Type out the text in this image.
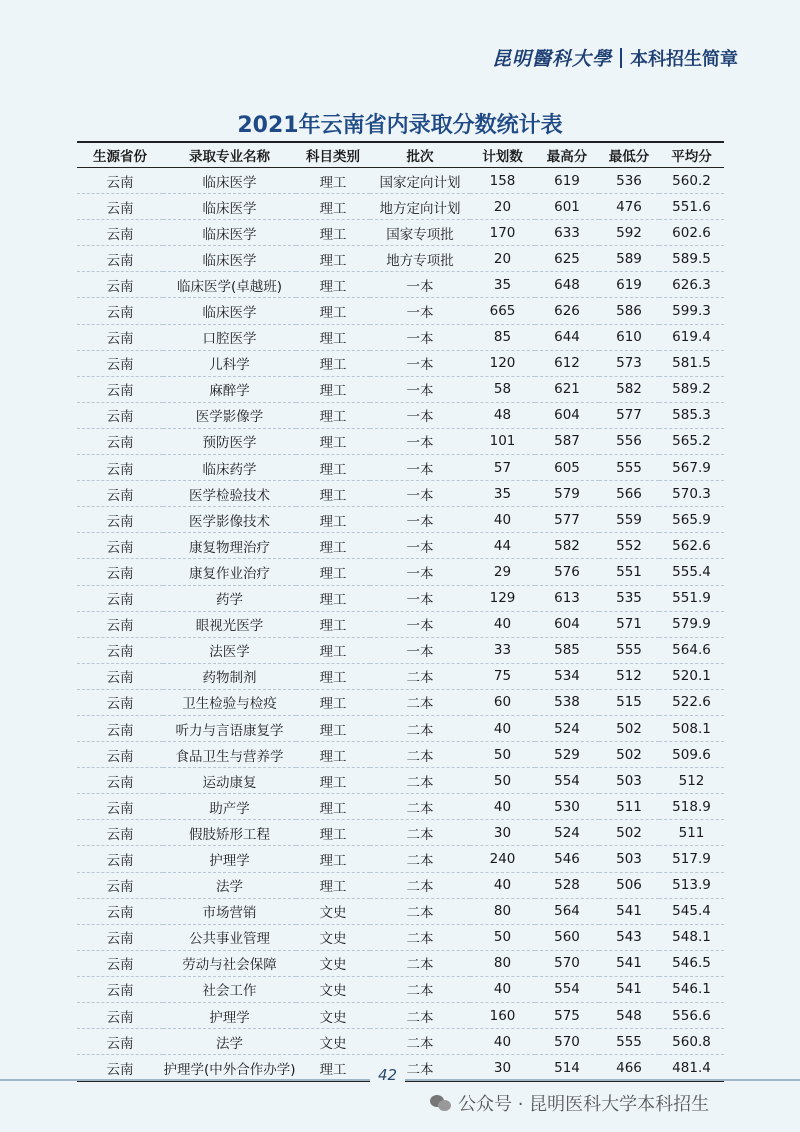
昆明醫科大學 本科招生简章
2021年云南省内录取分数统计表
生源省份	录取专业名称	科目类别	批次	计划数	最高分	最低分	平均分
云南	临床医学	理工	国家定向计划	158	619	536	560.2
云南	临床医学	理工	地方定向计划	20	601	476	551.6
云南	临床医学	理工	国家专项批	170	633	592	602.6
云南	临床医学	理工	地方专项批	20	625	589	589.5
云南	临床医学(卓越班)	理工	一本	35	648	619	626.3
云南	临床医学	理工	一本	665	626	586	599.3
云南	口腔医学	理工	一本	85	644	610	619.4
云南	儿科学	理工	一本	120	612	573	581.5
云南	麻醉学	理工	一本	58	621	582	589.2
云南	医学影像学	理工	一本	48	604	577	585.3
云南	预防医学	理工	一本	101	587	556	565.2
云南	临床药学	理工	一本	57	605	555	567.9
云南	医学检验技术	理工	一本	35	579	566	570.3
云南	医学影像技术	理工	一本	40	577	559	565.9
云南	康复物理治疗	理工	一本	44	582	552	562.6
云南	康复作业治疗	理工	一本	29	576	551	555.4
云南	药学	理工	一本	129	613	535	551.9
云南	眼视光医学	理工	一本	40	604	571	579.9
云南	法医学	理工	一本	33	585	555	564.6
云南	药物制剂	理工	二本	75	534	512	520.1
云南	卫生检验与检疫	理工	二本	60	538	515	522.6
云南	听力与言语康复学	理工	二本	40	524	502	508.1
云南	食品卫生与营养学	理工	二本	50	529	502	509.6
云南	运动康复	理工	二本	50	554	503	512
云南	助产学	理工	二本	40	530	511	518.9
云南	假肢矫形工程	理工	二本	30	524	502	511
云南	护理学	理工	二本	240	546	503	517.9
云南	法学	理工	二本	40	528	506	513.9
云南	市场营销	文史	二本	80	564	541	545.4
云南	公共事业管理	文史	二本	50	560	543	548.1
云南	劳动与社会保障	文史	二本	80	570	541	546.5
云南	社会工作	文史	二本	40	554	541	546.1
云南	护理学	文史	二本	160	575	548	556.6
云南	法学	文史	二本	40	570	555	560.8
云南	护理学(中外合作办学)	理工	二本	30	514	466	481.4
42
公众号 · 昆明医科大学本科招生
